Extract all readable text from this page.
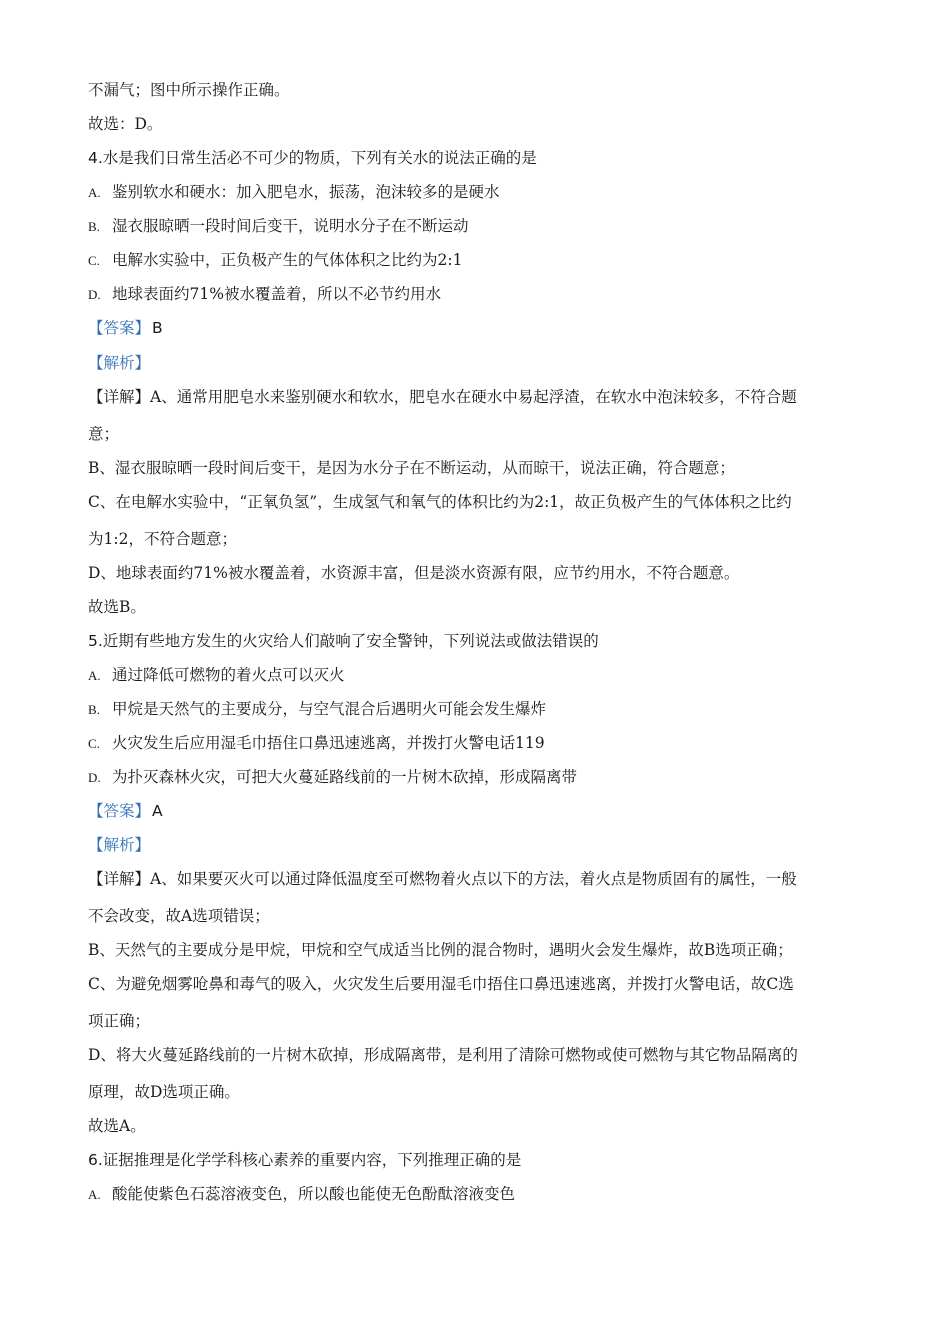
不漏气；图中所示操作正确。

故选：D。

4.水是我们日常生活必不可少的物质，下列有关水的说法正确的是

A. 鉴别软水和硬水：加入肥皂水，振荡，泡沫较多的是硬水

B. 湿衣服晾晒一段时间后变干，说明水分子在不断运动

C. 电解水实验中，正负极产生的气体体积之比约为2:1

D. 地球表面约71%被水覆盖着，所以不必节约用水

【答案】 B

【解析】

【详解】A、通常用肥皂水来鉴别硬水和软水，肥皂水在硬水中易起浮渣，在软水中泡沫较多，不符合题

意；

B、湿衣服晾晒一段时间后变干，是因为水分子在不断运动，从而晾干，说法正确，符合题意；

C、在电解水实验中，“正氧负氢”，生成氢气和氧气的体积比约为2:1，故正负极产生的气体体积之比约

为1:2，不符合题意；

D、地球表面约71%被水覆盖着，水资源丰富，但是淡水资源有限，应节约用水，不符合题意。

故选B。

5.近期有些地方发生的火灾给人们敲响了安全警钟，下列说法或做法错误的

A. 通过降低可燃物的着火点可以灭火

B. 甲烷是天然气的主要成分，与空气混合后遇明火可能会发生爆炸

C. 火灾发生后应用湿毛巾捂住口鼻迅速逃离，并拨打火警电话119

D. 为扑灭森林火灾，可把大火蔓延路线前的一片树木砍掉，形成隔离带

【答案】 A

【解析】

【详解】A、如果要灭火可以通过降低温度至可燃物着火点以下的方法，着火点是物质固有的属性，一般

不会改变，故A选项错误；

B、天然气的主要成分是甲烷，甲烷和空气成适当比例的混合物时，遇明火会发生爆炸，故B选项正确；

C、为避免烟雾呛鼻和毒气的吸入，火灾发生后要用湿毛巾捂住口鼻迅速逃离，并拨打火警电话，故C选

项正确；

D、将大火蔓延路线前的一片树木砍掉，形成隔离带，是利用了清除可燃物或使可燃物与其它物品隔离的

原理，故D选项正确。

故选A。

6.证据推理是化学学科核心素养的重要内容，下列推理正确的是

A. 酸能使紫色石蕊溶液变色，所以酸也能使无色酚酞溶液变色
